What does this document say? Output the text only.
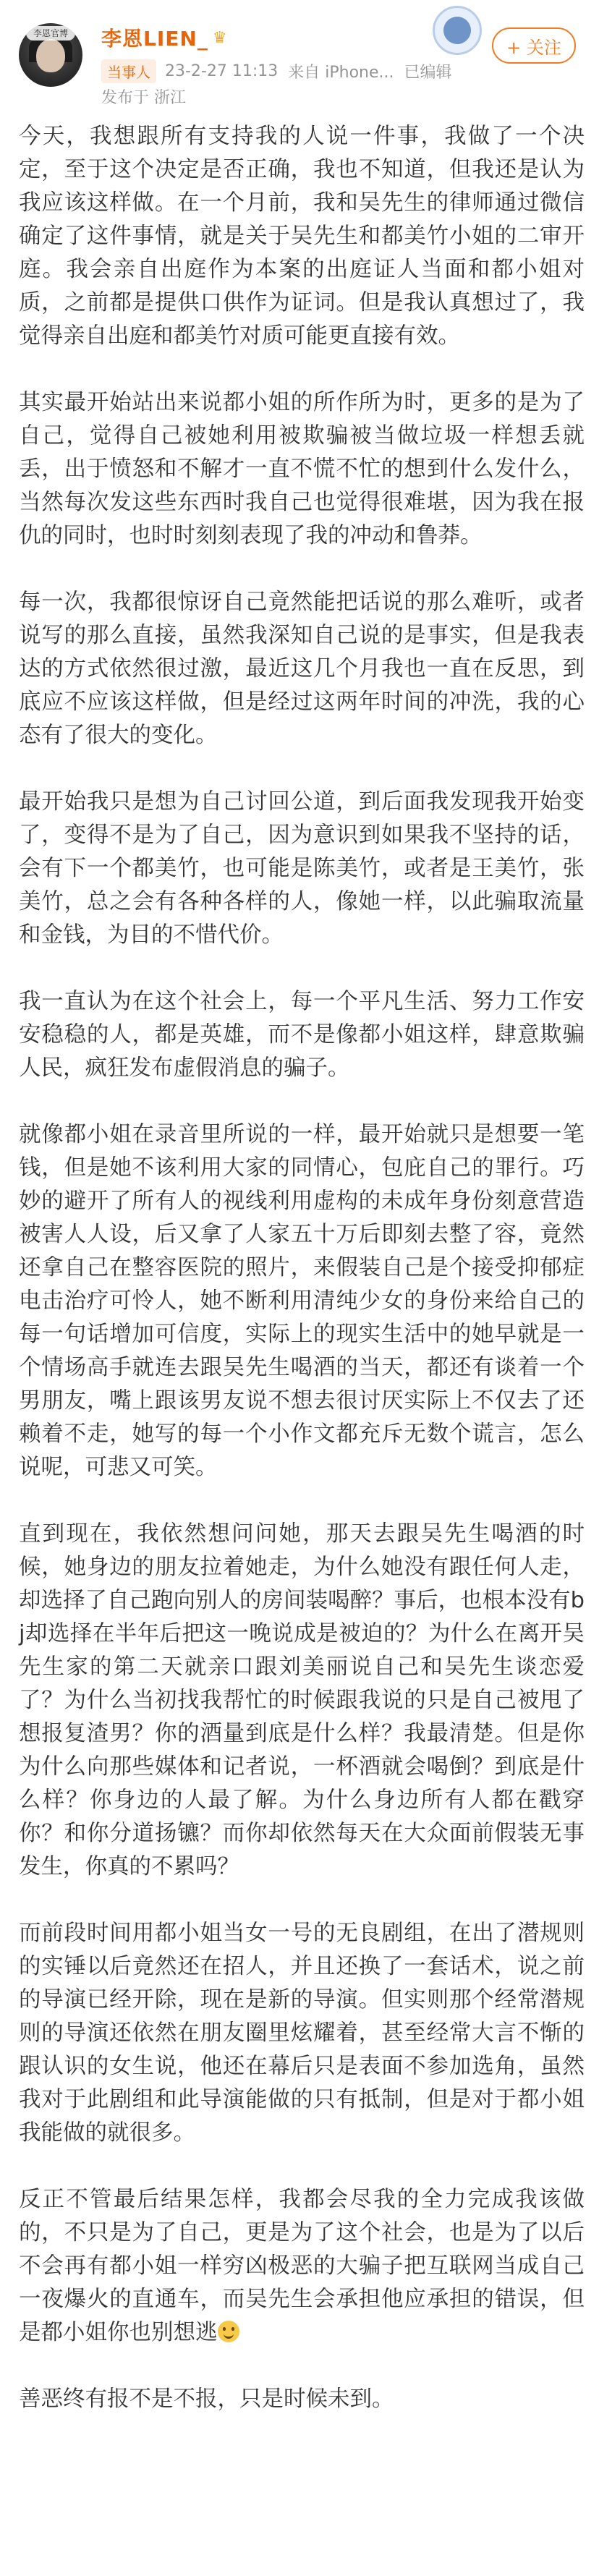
李恩官博	李恩LIEN_ ♛
当事人 23-2-27 11:13 来自 iPhone... 已编辑
发布于 浙江
+ 关注

今天，我想跟所有支持我的人说一件事，我做了一个决定，至于这个决定是否正确，我也不知道，但我还是认为我应该这样做。在一个月前，我和吴先生的律师通过微信确定了这件事情，就是关于吴先生和都美竹小姐的二审开庭。我会亲自出庭作为本案的出庭证人当面和都小姐对质，之前都是提供口供作为证词。但是我认真想过了，我觉得亲自出庭和都美竹对质可能更直接有效。

其实最开始站出来说都小姐的所作所为时，更多的是为了自己，觉得自己被她利用被欺骗被当做垃圾一样想丢就丢，出于愤怒和不解才一直不慌不忙的想到什么发什么，当然每次发这些东西时我自己也觉得很难堪，因为我在报仇的同时，也时时刻刻表现了我的冲动和鲁莽。

每一次，我都很惊讶自己竟然能把话说的那么难听，或者说写的那么直接，虽然我深知自己说的是事实，但是我表达的方式依然很过激，最近这几个月我也一直在反思，到底应不应该这样做，但是经过这两年时间的冲洗，我的心态有了很大的变化。

最开始我只是想为自己讨回公道，到后面我发现我开始变了，变得不是为了自己，因为意识到如果我不坚持的话，会有下一个都美竹，也可能是陈美竹，或者是王美竹，张美竹，总之会有各种各样的人，像她一样，以此骗取流量和金钱，为目的不惜代价。

我一直认为在这个社会上，每一个平凡生活、努力工作安安稳稳的人，都是英雄，而不是像都小姐这样，肆意欺骗人民，疯狂发布虚假消息的骗子。

就像都小姐在录音里所说的一样，最开始就只是想要一笔钱，但是她不该利用大家的同情心，包庇自己的罪行。巧妙的避开了所有人的视线利用虚构的未成年身份刻意营造被害人人设，后又拿了人家五十万后即刻去整了容，竟然还拿自己在整容医院的照片，来假装自己是个接受抑郁症电击治疗可怜人，她不断利用清纯少女的身份来给自己的每一句话增加可信度，实际上的现实生活中的她早就是一个情场高手就连去跟吴先生喝酒的当天，都还有谈着一个男朋友，嘴上跟该男友说不想去很讨厌实际上不仅去了还赖着不走，她写的每一个小作文都充斥无数个谎言，怎么说呢，可悲又可笑。

直到现在，我依然想问问她，那天去跟吴先生喝酒的时候，她身边的朋友拉着她走，为什么她没有跟任何人走，却选择了自己跑向别人的房间装喝醉？事后，也根本没有bj却选择在半年后把这一晚说成是被迫的？为什么在离开吴先生家的第二天就亲口跟刘美丽说自己和吴先生谈恋爱了？为什么当初找我帮忙的时候跟我说的只是自己被甩了想报复渣男？你的酒量到底是什么样？我最清楚。但是你为什么向那些媒体和记者说，一杯酒就会喝倒？到底是什么样？你身边的人最了解。为什么身边所有人都在戳穿你？和你分道扬镳？而你却依然每天在大众面前假装无事发生，你真的不累吗？

而前段时间用都小姐当女一号的无良剧组，在出了潜规则的实锤以后竟然还在招人，并且还换了一套话术，说之前的导演已经开除，现在是新的导演。但实则那个经常潜规则的导演还依然在朋友圈里炫耀着，甚至经常大言不惭的跟认识的女生说，他还在幕后只是表面不参加选角，虽然我对于此剧组和此导演能做的只有抵制，但是对于都小姐我能做的就很多。

反正不管最后结果怎样，我都会尽我的全力完成我该做的，不只是为了自己，更是为了这个社会，也是为了以后不会再有都小姐一样穷凶极恶的大骗子把互联网当成自己一夜爆火的直通车，而吴先生会承担他应承担的错误，但是都小姐你也别想逃

善恶终有报不是不报，只是时候未到。
